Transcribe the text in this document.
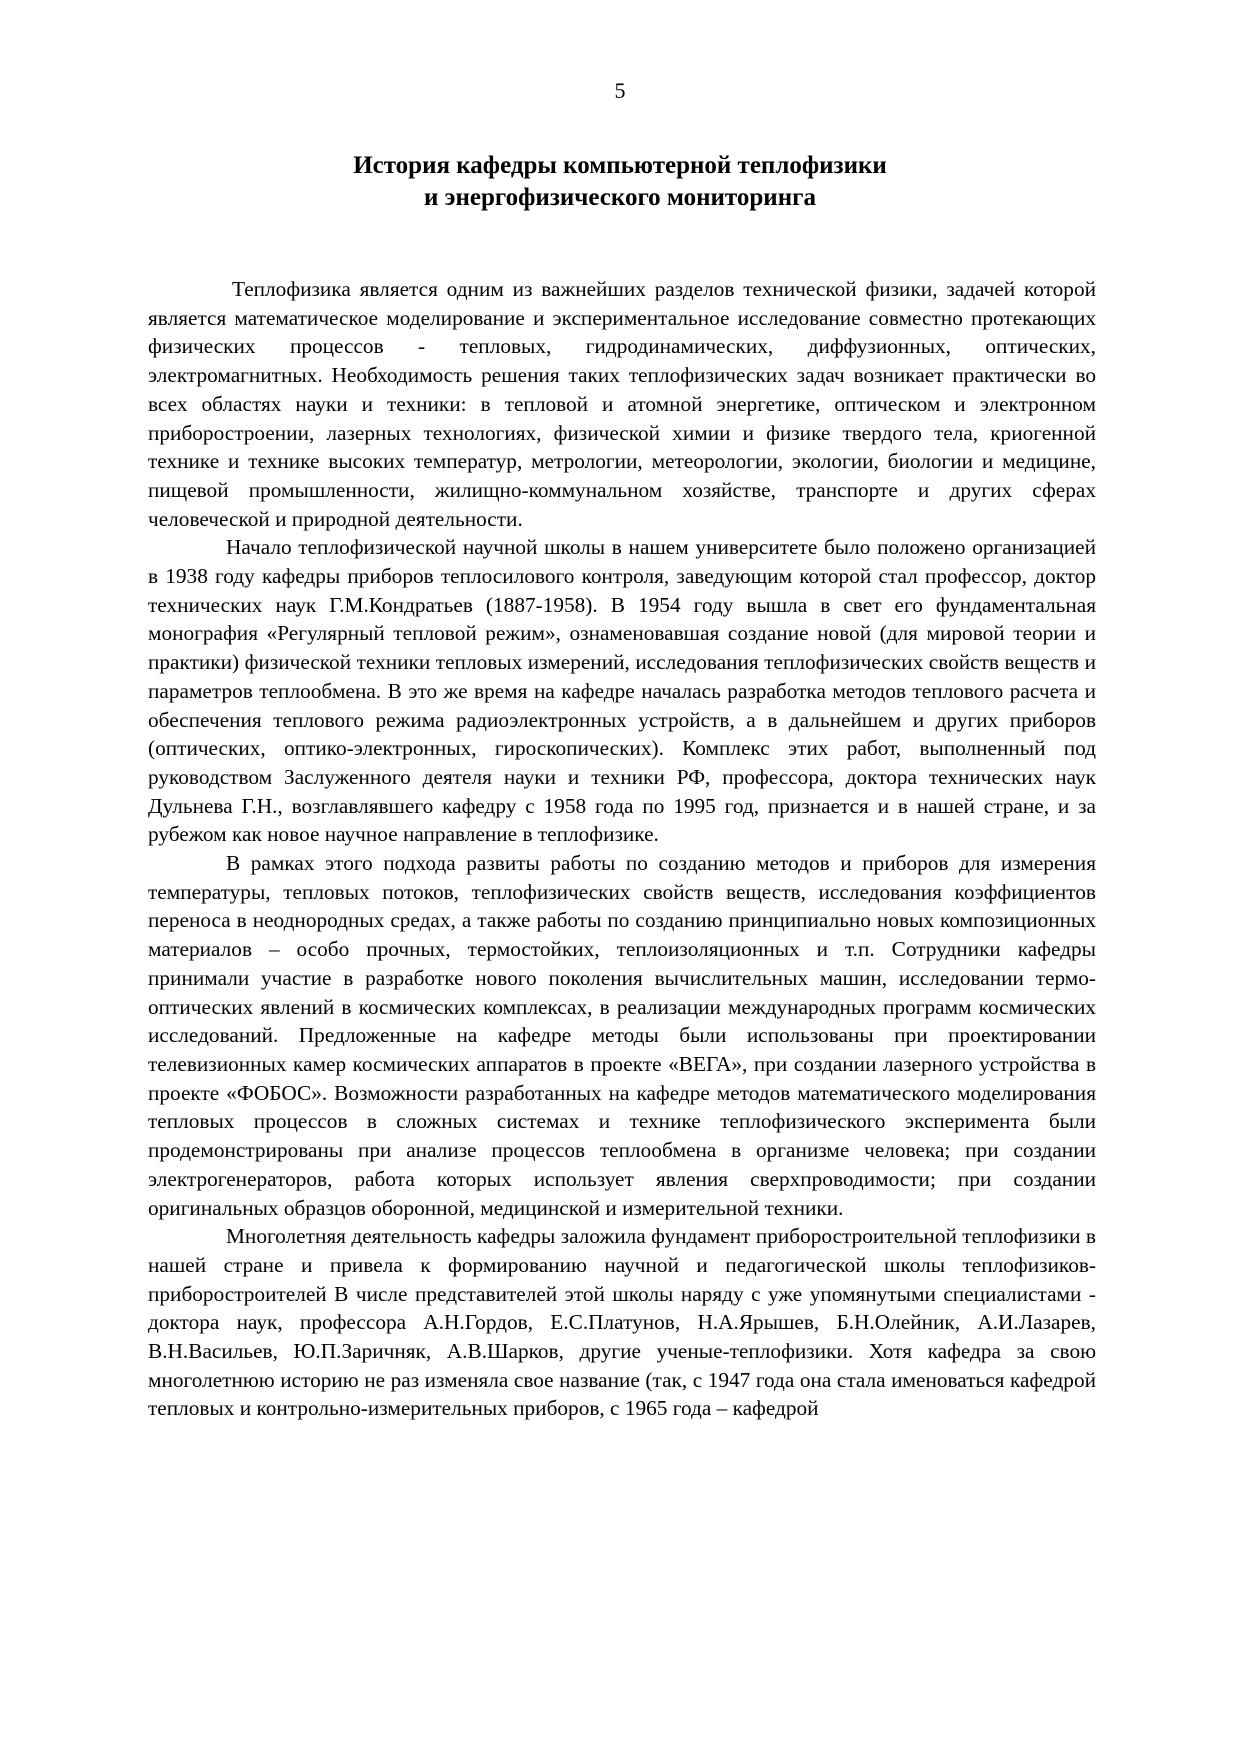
5
История кафедры компьютерной теплофизики
и энергофизического мониторинга

Теплофизика является одним из важнейших разделов технической физики, задачей которой является математическое моделирование и экспериментальное исследование совместно протекающих физических процессов - тепловых, гидродинамических, диффузионных, оптических, электромагнитных. Необходимость решения таких теплофизических задач возникает практически во всех областях науки и техники: в тепловой и атомной энергетике, оптическом и электронном приборостроении, лазерных технологиях, физической химии и физике твердого тела, криогенной технике и технике высоких температур, метрологии, метеорологии, экологии, биологии и медицине, пищевой промышленности, жилищно-коммунальном хозяйстве, транспорте и других сферах человеческой и природной деятельности.

Начало теплофизической научной школы в нашем университете было положено организацией в 1938 году кафедры приборов теплосилового контроля, заведующим которой стал профессор, доктор технических наук Г.М.Кондратьев (1887-1958). В 1954 году вышла в свет его фундаментальная монография «Регулярный тепловой режим», ознаменовавшая создание новой (для мировой теории и практики) физической техники тепловых измерений, исследования теплофизических свойств веществ и параметров теплообмена. В это же время на кафедре началась разработка методов теплового расчета и обеспечения теплового режима радиоэлектронных устройств, а в дальнейшем и других приборов (оптических, оптико-электронных, гироскопических). Комплекс этих работ, выполненный под руководством Заслуженного деятеля науки и техники РФ, профессора, доктора технических наук Дульнева Г.Н., возглавлявшего кафедру с 1958 года по 1995 год, признается и в нашей стране, и за рубежом как новое научное направление в теплофизике.

В рамках этого подхода развиты работы по созданию методов и приборов для измерения температуры, тепловых потоков, теплофизических свойств веществ, исследования коэффициентов переноса в неоднородных средах, а также работы по созданию принципиально новых композиционных материалов – особо прочных, термостойких, теплоизоляционных и т.п. Сотрудники кафедры принимали участие в разработке нового поколения вычислительных машин, исследовании термо-оптических явлений в космических комплексах, в реализации международных программ космических исследований. Предложенные на кафедре методы были использованы при проектировании телевизионных камер космических аппаратов в проекте «ВЕГА», при создании лазерного устройства в проекте «ФОБОС». Возможности разработанных на кафедре методов математического моделирования тепловых процессов в сложных системах и технике теплофизического эксперимента были продемонстрированы при анализе процессов теплообмена в организме человека; при создании электрогенераторов, работа которых использует явления сверхпроводимости; при создании оригинальных образцов оборонной, медицинской и измерительной техники.

Многолетняя деятельность кафедры заложила фундамент приборостроительной теплофизики в нашей стране и привела к формированию научной и педагогической школы теплофизиков-приборостроителей В числе представителей этой школы наряду с уже упомянутыми специалистами - доктора наук, профессора А.Н.Гордов, Е.С.Платунов, Н.А.Ярышев, Б.Н.Олейник, А.И.Лазарев, В.Н.Васильев, Ю.П.Заричняк, А.В.Шарков, другие ученые-теплофизики. Хотя кафедра за свою многолетнюю историю не раз изменяла свое название (так, с 1947 года она стала именоваться кафедрой тепловых и контрольно-измерительных приборов, с 1965 года – кафедрой
